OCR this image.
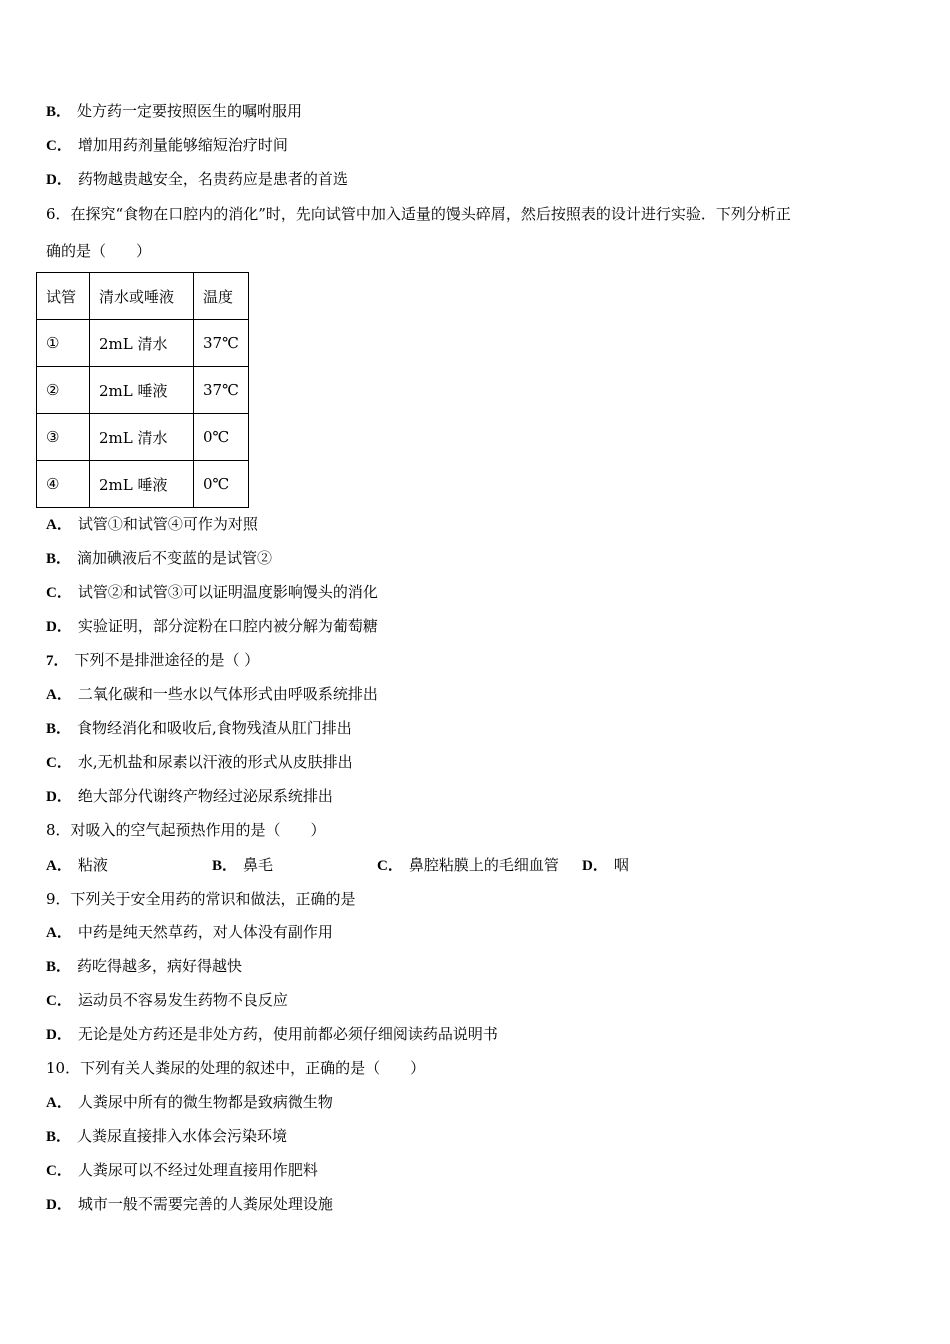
B． 处方药一定要按照医生的嘱咐服用
C． 增加用药剂量能够缩短治疗时间
D． 药物越贵越安全，名贵药应是患者的首选
6．在探究“食物在口腔内的消化”时，先向试管中加入适量的馒头碎屑，然后按照表的设计进行实验．下列分析正
确的是（　　）
试管	清水或唾液	温度
①	2mL 清水	37℃
②	2mL 唾液	37℃
③	2mL 清水	0℃
④	2mL 唾液	0℃
A． 试管①和试管④可作为对照
B． 滴加碘液后不变蓝的是试管②
C． 试管②和试管③可以证明温度影响馒头的消化
D． 实验证明，部分淀粉在口腔内被分解为葡萄糖
7． 下列不是排泄途径的是（ ）
A． 二氧化碳和一些水以气体形式由呼吸系统排出
B． 食物经消化和吸收后,食物残渣从肛门排出
C． 水,无机盐和尿素以汗液的形式从皮肤排出
D． 绝大部分代谢终产物经过泌尿系统排出
8．对吸入的空气起预热作用的是（　　）
A． 粘液	B． 鼻毛	C． 鼻腔粘膜上的毛细血管 D． 咽
9．下列关于安全用药的常识和做法，正确的是
A． 中药是纯天然草药，对人体没有副作用
B． 药吃得越多，病好得越快
C． 运动员不容易发生药物不良反应
D． 无论是处方药还是非处方药，使用前都必须仔细阅读药品说明书
10．下列有关人粪尿的处理的叙述中，正确的是（　　）
A． 人粪尿中所有的微生物都是致病微生物
B． 人粪尿直接排入水体会污染环境
C． 人粪尿可以不经过处理直接用作肥料
D． 城市一般不需要完善的人粪尿处理设施
